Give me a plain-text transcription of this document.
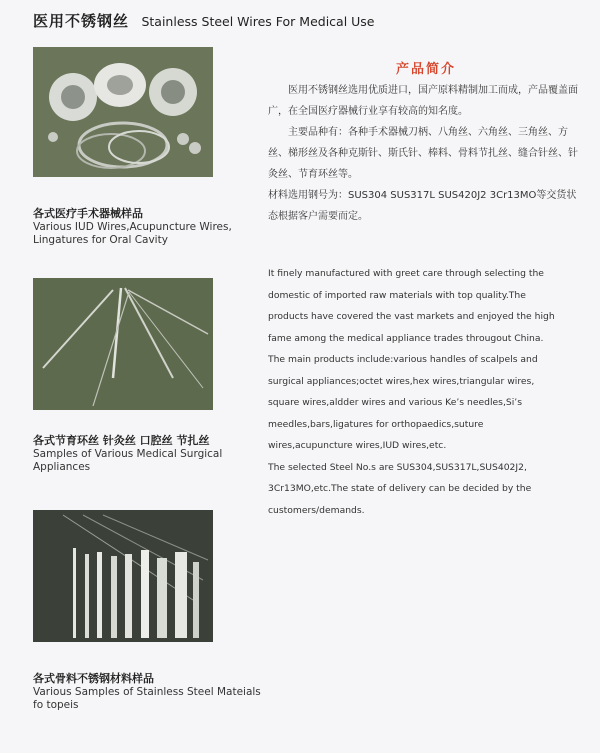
医用不锈钢丝 Stainless Steel Wires For Medical Use
各式医疗手术器械样品
Various IUD Wires,Acupuncture Wires, Lingatures for Oral Cavity
各式节育环丝 针灸丝 口腔丝 节扎丝
Samples of Various Medical Surgical Appliances
各式骨料不锈钢材料样品
Various Samples of Stainless Steel Mateials fo topeis
产品简介

医用不锈钢丝选用优质进口，国产原料精制加工而成，产品覆盖面广，在全国医疗器械行业享有较高的知名度。

主要品种有：各种手术器械刀柄、八角丝、六角丝、三角丝、方丝、梯形丝及各种克斯针、斯氏针、棒料、骨料节扎丝、缝合针丝、针灸丝、节育环丝等。

材料选用钢号为：SUS304 SUS317L SUS420J2 3Cr13MO等交货状态根据客户需要而定。

It finely manufactured with greet care through selecting the domestic of imported raw materials with top quality.The products have covered the vast markets and enjoyed the high fame among the medical appliance trades througout China.

The main products include:various handles of scalpels and surgical appliances;octet wires,hex wires,triangular wires, square wires,aldder wires and various Ke’s needles,Si’s meedles,bars,ligatures for orthopaedics,suture wires,acupuncture wires,IUD wires,etc.

The selected Steel No.s are SUS304,SUS317L,SUS402J2, 3Cr13MO,etc.The state of delivery can be decided by the customers/demands.
